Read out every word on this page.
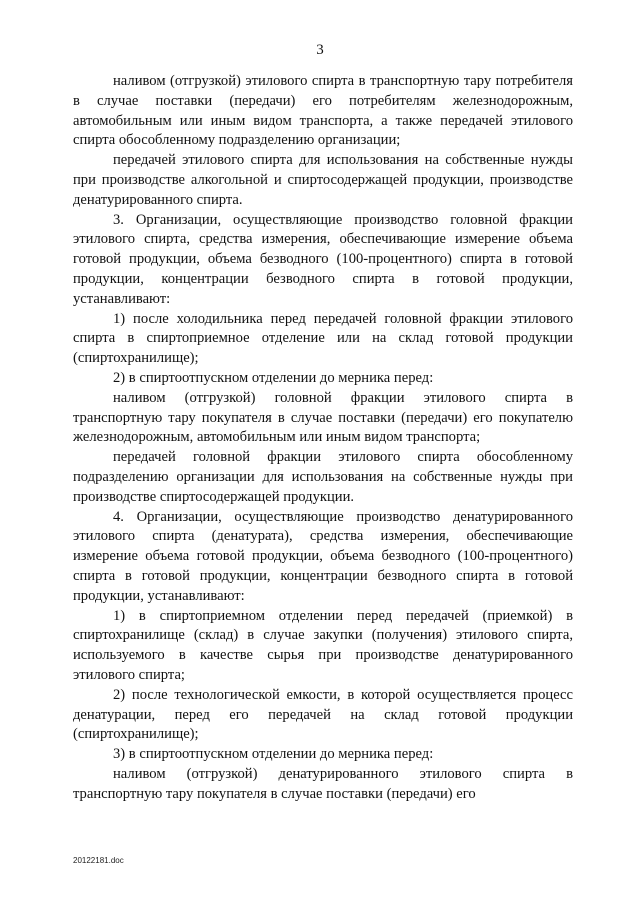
3

наливом (отгрузкой) этилового спирта в транспортную тару потребителя в случае поставки (передачи) его потребителям железнодорожным, автомобильным или иным видом транспорта, а также передачей этилового спирта обособленному подразделению организации;

передачей этилового спирта для использования на собственные нужды при производстве алкогольной и спиртосодержащей продукции, производстве денатурированного спирта.

3. Организации, осуществляющие производство головной фракции этилового спирта, средства измерения, обеспечивающие измерение объема готовой продукции, объема безводного (100-процентного) спирта в готовой продукции, концентрации безводного спирта в готовой продукции, устанавливают:

1) после холодильника перед передачей головной фракции этилового спирта в спиртоприемное отделение или на склад готовой продукции (спиртохранилище);

2) в спиртоотпускном отделении до мерника перед:

наливом (отгрузкой) головной фракции этилового спирта в транспортную тару покупателя в случае поставки (передачи) его покупателю железнодорожным, автомобильным или иным видом транспорта;

передачей головной фракции этилового спирта обособленному подразделению организации для использования на собственные нужды при производстве спиртосодержащей продукции.

4. Организации, осуществляющие производство денатурированного этилового спирта (денатурата), средства измерения, обеспечивающие измерение объема готовой продукции, объема безводного (100-процентного) спирта в готовой продукции, концентрации безводного спирта в готовой продукции, устанавливают:

1) в спиртоприемном отделении перед передачей (приемкой) в спиртохранилище (склад) в случае закупки (получения) этилового спирта, используемого в качестве сырья при производстве денатурированного этилового спирта;

2) после технологической емкости, в которой осуществляется процесс денатурации, перед его передачей на склад готовой продукции (спиртохранилище);

3) в спиртоотпускном отделении до мерника перед:

наливом (отгрузкой) денатурированного этилового спирта в транспортную тару покупателя в случае поставки (передачи) его

20122181.doc
